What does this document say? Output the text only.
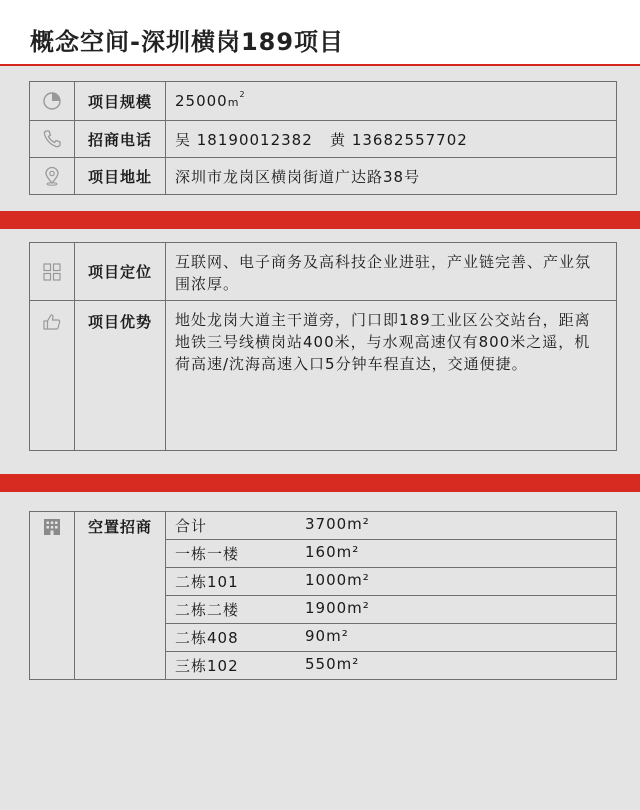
概念空间-深圳横岗189项目
	项目规模	$25000m^2$
	招商电话	吴 18190012382   黄 13682557702
	项目地址	深圳市龙岗区横岗街道广达路38号
	项目定位	互联网、电子商务及高科技企业进驻，产业链完善、产业氛围浓厚。
	项目优势	地处龙岗大道主干道旁，门口即189工业区公交站台，距离地铁三号线横岗站400米，与水观高速仅有800米之遥，机荷高速/沈海高速入口5分钟车程直达，交通便捷。
	空置招商	合计	3700m²

一栋一楼	160m²

二栋101	1000m²

二栋二楼	1900m²

二栋408	90m²

三栋102	550m²
